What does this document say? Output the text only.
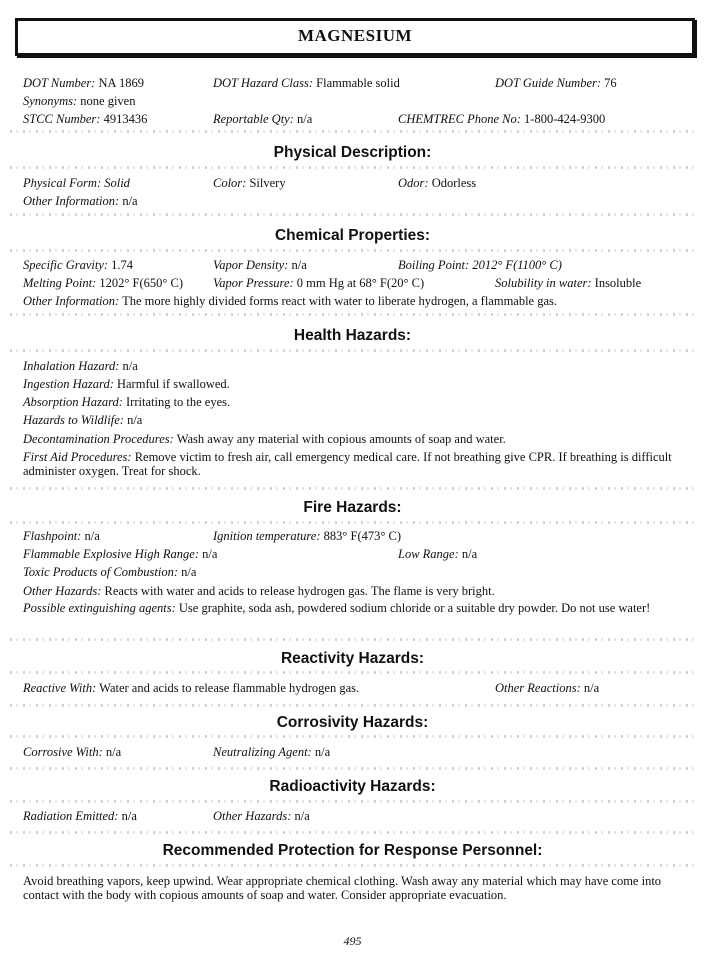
MAGNESIUM
DOT Number: NA 1869	DOT Hazard Class: Flammable solid	DOT Guide Number: 76
Synonyms: none given
STCC Number: 4913436	Reportable Qty: n/a	CHEMTREC Phone No: 1-800-424-9300
Physical Description:
Physical Form: Solid	Color: Silvery	Odor: Odorless
Other Information: n/a
Chemical Properties:
Specific Gravity: 1.74	Vapor Density: n/a	Boiling Point: 2012° F(1100° C)
Melting Point: 1202° F(650° C) Vapor Pressure: 0 mm Hg at 68° F(20° C)	Solubility in water: Insoluble
Other Information: The more highly divided forms react with water to liberate hydrogen, a flammable gas.
Health Hazards:
Inhalation Hazard: n/a
Ingestion Hazard: Harmful if swallowed.
Absorption Hazard: Irritating to the eyes.
Hazards to Wildlife: n/a
Decontamination Procedures: Wash away any material with copious amounts of soap and water.
First Aid Procedures: Remove victim to fresh air, call emergency medical care. If not breathing give CPR. If breathing is difficult administer oxygen. Treat for shock.
Fire Hazards:
Flashpoint: n/a	Ignition temperature: 883° F(473° C)
Flammable Explosive High Range: n/a	Low Range: n/a
Toxic Products of Combustion: n/a
Other Hazards: Reacts with water and acids to release hydrogen gas. The flame is very bright.
Possible extinguishing agents: Use graphite, soda ash, powdered sodium chloride or a suitable dry powder. Do not use water!
Reactivity Hazards:
Reactive With: Water and acids to release flammable hydrogen gas.	Other Reactions: n/a
Corrosivity Hazards:
Corrosive With: n/a	Neutralizing Agent: n/a
Radioactivity Hazards:
Radiation Emitted: n/a	Other Hazards: n/a
Recommended Protection for Response Personnel:
Avoid breathing vapors, keep upwind. Wear appropriate chemical clothing. Wash away any material which may have come into contact with the body with copious amounts of soap and water. Consider appropriate evacuation.
495
